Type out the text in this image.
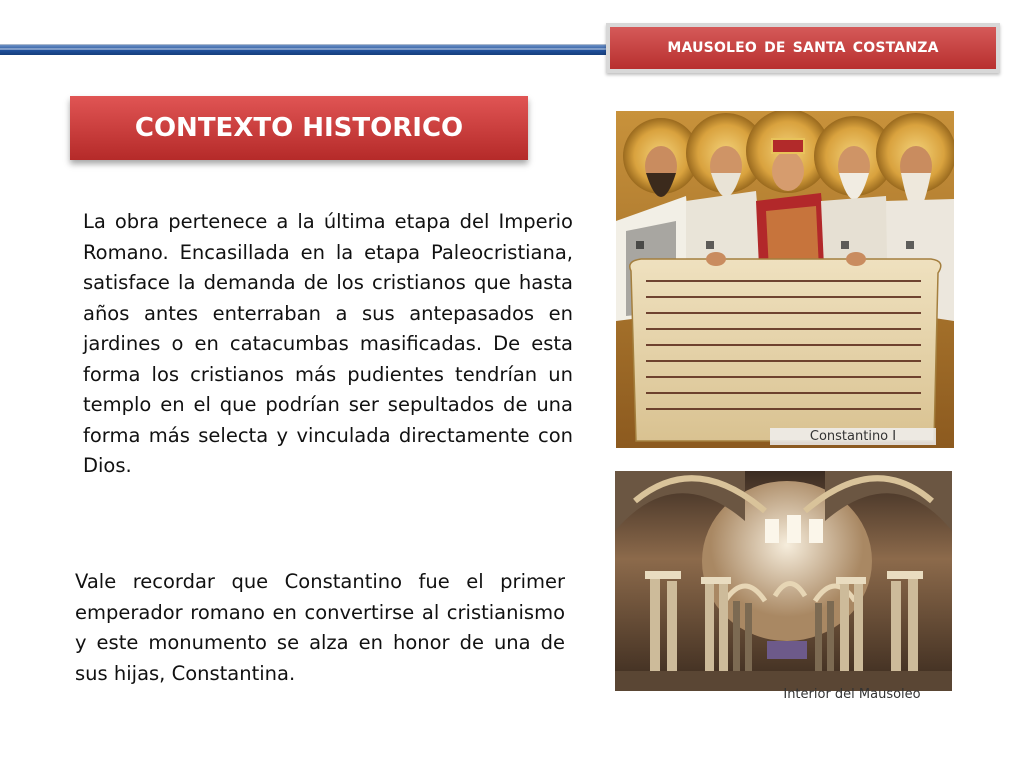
MAUSOLEO DE SANTA COSTANZA
CONTEXTO HISTORICO

La obra pertenece a la última etapa del Imperio Romano. Encasillada en la etapa Paleocristiana, satisface la demanda de los cristianos que hasta años antes enterraban a sus antepasados en jardines o en catacumbas masificadas. De esta forma los cristianos más pudientes tendrían un templo en el que podrían ser sepultados de una forma más selecta y vinculada directamente con Dios.

Vale recordar que Constantino fue el primer emperador romano en convertirse al cristianismo y este monumento se alza en honor de una de sus hijas, Constantina.

Constantino I
Interior del Mausoleo
